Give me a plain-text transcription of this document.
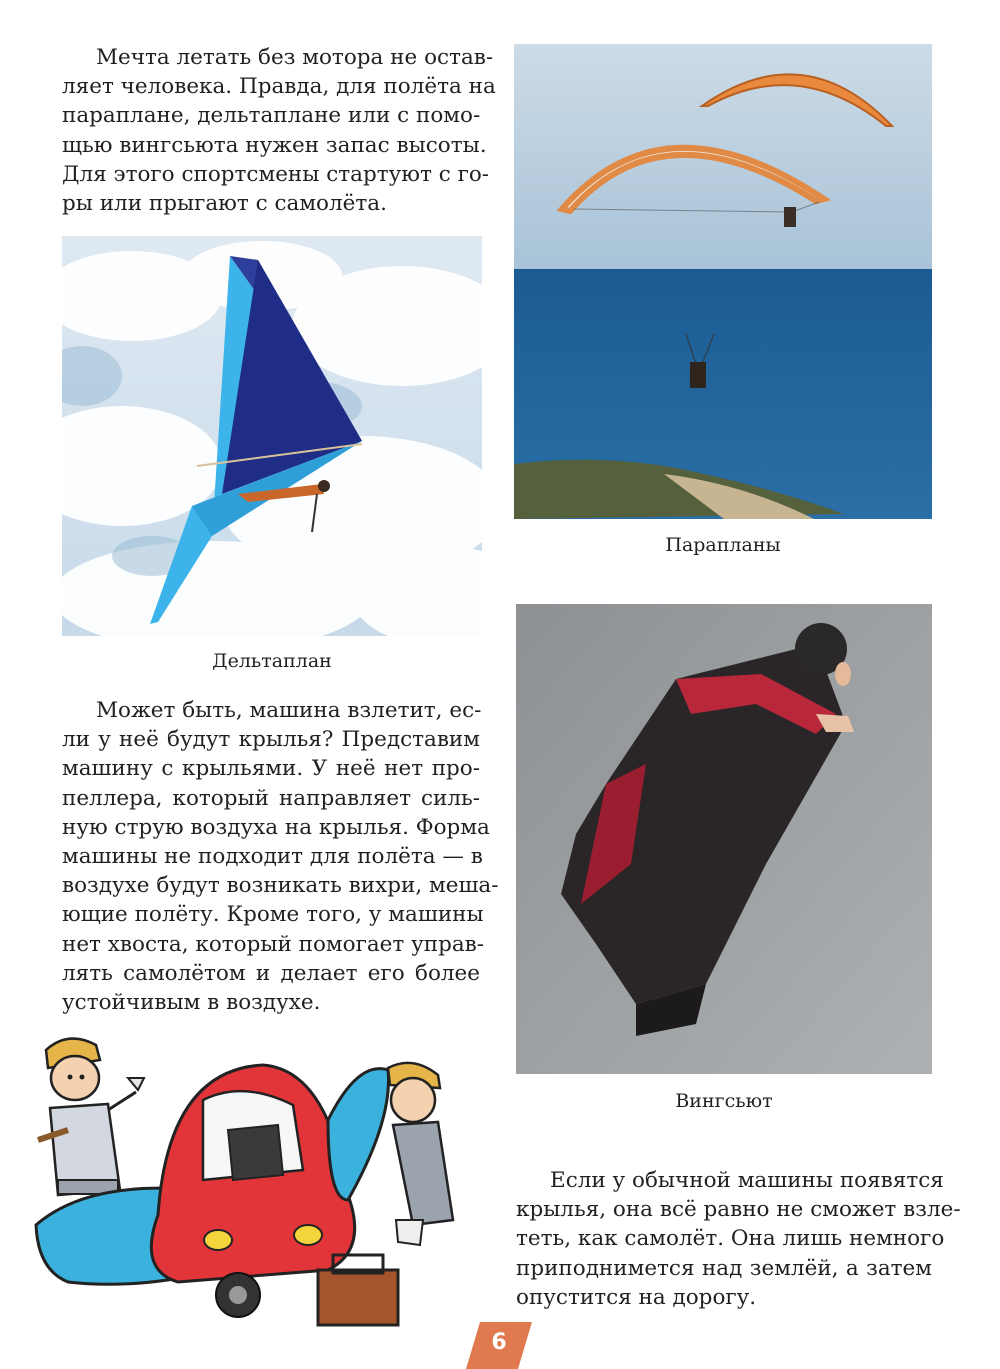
Мечта летать без мотора не остав-
ляет человека. Правда, для полёта на
параплане, дельтаплане или с помо-
щью вингсьюта нужен запас высоты.
Для этого спортсмены стартуют с го-
ры или прыгают с самолёта.
Дельтаплан
Парапланы
Вингсьют
Может быть, машина взлетит, ес-
ли у неё будут крылья? Представим
машину с крыльями. У неё нет про-
пеллера, который направляет силь-
ную струю воздуха на крылья. Форма
машины не подходит для полёта — в
воздухе будут возникать вихри, меша-
ющие полёту. Кроме того, у машины
нет хвоста, который помогает управ-
лять самолётом и делает его более
устойчивым в воздухе.
Если у обычной машины появятся
крылья, она всё равно не сможет взле-
теть, как самолёт. Она лишь немного
приподнимется над землёй, а затем
опустится на дорогу.
6
